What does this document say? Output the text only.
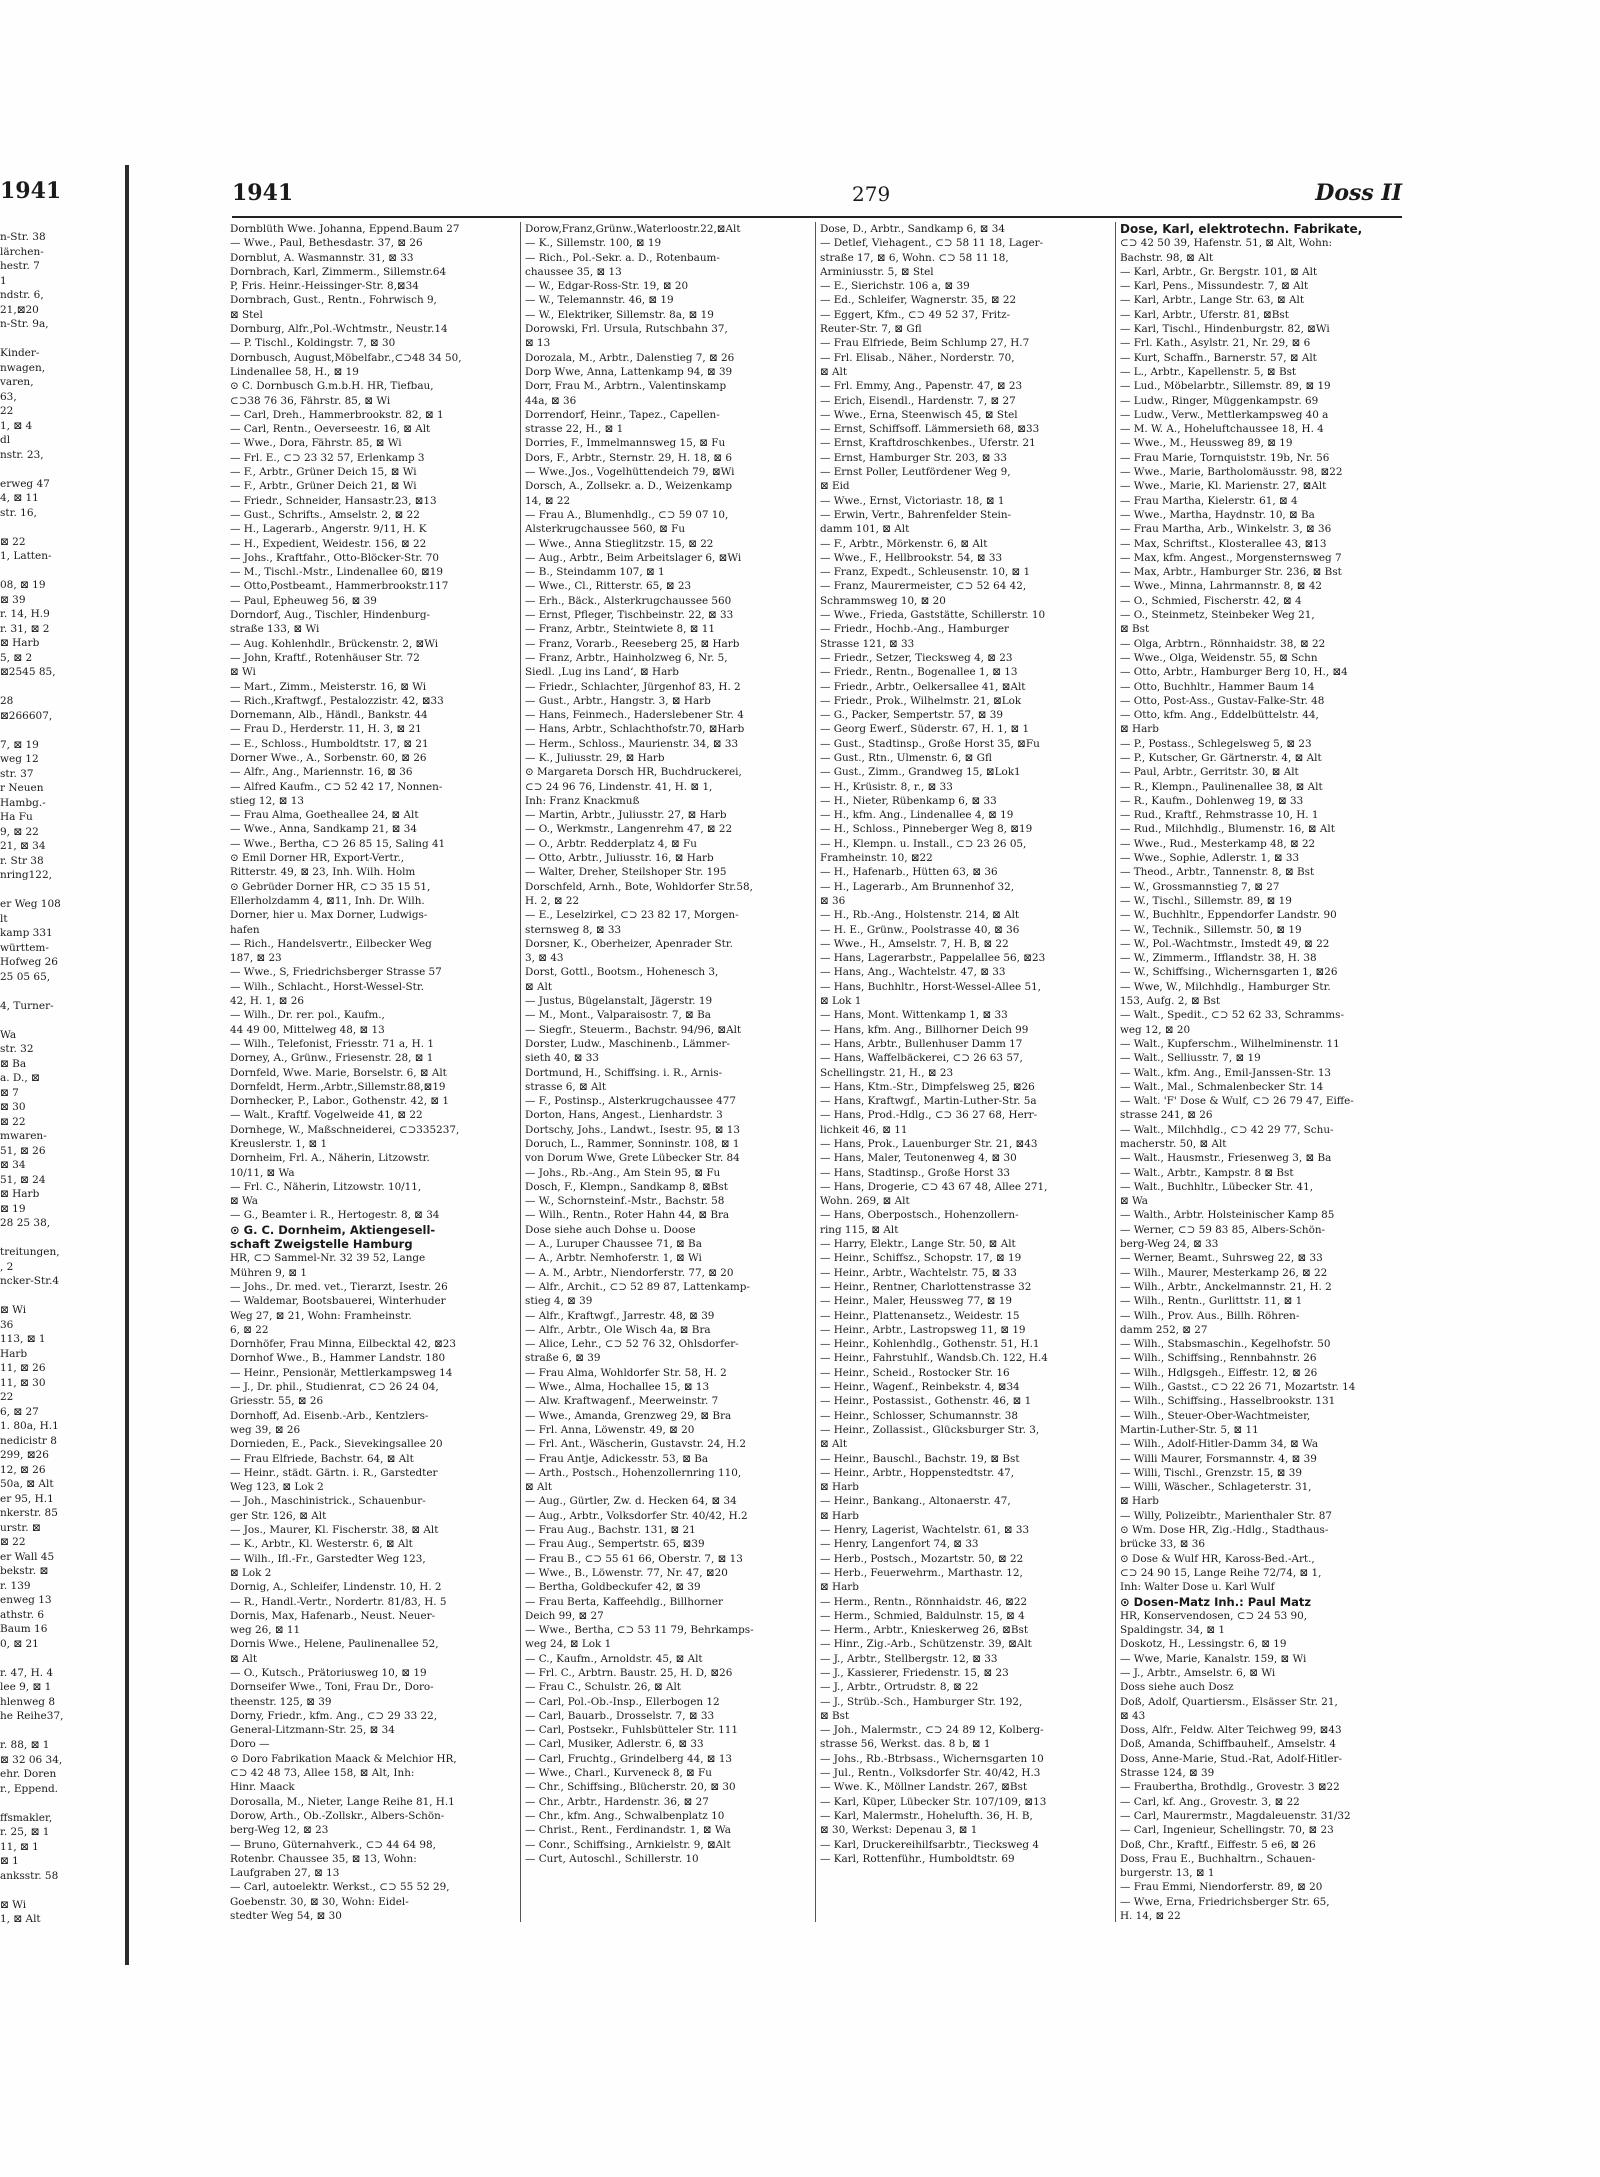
1941
n-Str. 38
lärchen-
hestr. 7
1
ndstr. 6,
21,⊠20
n-Str. 9a,

Kinder-
nwagen,
varen,
63,
22
1, ⊠ 4
dl
nstr. 23,

erweg 47
4, ⊠ 11
str. 16,

⊠ 22
1, Latten-

08, ⊠ 19
⊠ 39
r. 14, H.9
r. 31, ⊠ 2
⊠ Harb
5, ⊠ 2
⊠2545 85,

28
⊠266607,

7, ⊠ 19
weg 12
str. 37
r Neuen
Hambg.-
Ha Fu
9, ⊠ 22
21, ⊠ 34
r. Str 38
nring122,

er Weg 108
lt
kamp 331
württem-
Hofweg 26
25 05 65,

4, Turner-

Wa
str. 32
⊠ Ba
a. D., ⊠
⊠ 7
⊠ 30
⊠ 22
mwaren-
51, ⊠ 26
⊠ 34
51, ⊠ 24
⊠ Harb
⊠ 19
28 25 38,

treitungen,
, 2
ncker-Str.4

⊠ Wi
36
113, ⊠ 1
Harb
11, ⊠ 26
11, ⊠ 30
22
6, ⊠ 27
1. 80a, H.1
nedicistr 8
299, ⊠26
12, ⊠ 26
50a, ⊠ Alt
er 95, H.1
nkerstr. 85
urstr. ⊠
⊠ 22
er Wall 45
bekstr. ⊠
r. 139
enweg 13
athstr. 6
Baum 16
0, ⊠ 21

r. 47, H. 4
lee 9, ⊠ 1
hlenweg 8
he Reihe37,

r. 88, ⊠ 1
⊠ 32 06 34,
ehr. Doren
r., Eppend.

ffsmakler,
r. 25, ⊠ 1
11, ⊠ 1
⊠ 1
anksstr. 58

⊠ Wi
1, ⊠ Alt
1941	279	Doss II
Dornblüth Wwe. Johanna, Eppend.Baum 27
— Wwe., Paul, Bethesdastr. 37, ⊠ 26
Dornblut, A. Wasmannstr. 31, ⊠ 33
Dornbrach, Karl, Zimmerm., Sillemstr.64
P, Fris. Heinr.-Heissinger-Str. 8,⊠34
Dornbrach, Gust., Rentn., Fohrwisch 9,
⊠ Stel
Dornburg, Alfr.,Pol.-Wchtmstr., Neustr.14
— P. Tischl., Koldingstr. 7, ⊠ 30
Dornbusch, August,Möbelfabr.,⊂⊃48 34 50,
Lindenallee 58, H., ⊠ 19
⊙ C. Dornbusch G.m.b.H. HR, Tiefbau,
⊂⊃38 76 36, Fährstr. 85, ⊠ Wi
— Carl, Dreh., Hammerbrookstr. 82, ⊠ 1
— Carl, Rentn., Oeverseestr. 16, ⊠ Alt
— Wwe., Dora, Fährstr. 85, ⊠ Wi
— Frl. E., ⊂⊃ 23 32 57, Erlenkamp 3
— F., Arbtr., Grüner Deich 15, ⊠ Wi
— F., Arbtr., Grüner Deich 21, ⊠ Wi
— Friedr., Schneider, Hansastr.23, ⊠13
— Gust., Schrifts., Amselstr. 2, ⊠ 22
— H., Lagerarb., Angerstr. 9/11, H. K
— H., Expedient, Weidestr. 156, ⊠ 22
— Johs., Kraftfahr., Otto-Blöcker-Str. 70
— M., Tischl.-Mstr., Lindenallee 60, ⊠19
— Otto,Postbeamt., Hammerbrookstr.117
— Paul, Epheuweg 56, ⊠ 39
Dorndorf, Aug., Tischler, Hindenburg-
straße 133, ⊠ Wi
— Aug. Kohlenhdlr., Brückenstr. 2, ⊠Wi
— John, Kraftf., Rotenhäuser Str. 72
⊠ Wi
— Mart., Zimm., Meisterstr. 16, ⊠ Wi
— Rich.,Kraftwgf., Pestalozzistr. 42, ⊠33
Dornemann, Alb., Händl., Bankstr. 44
— Frau D., Herderstr. 11, H. 3, ⊠ 21
— E., Schloss., Humboldtstr. 17, ⊠ 21
Dorner Wwe., A., Sorbenstr. 60, ⊠ 26
— Alfr., Ang., Mariennstr. 16, ⊠ 36
— Alfred Kaufm., ⊂⊃ 52 42 17, Nonnen-
stieg 12, ⊠ 13
— Frau Alma, Goetheallee 24, ⊠ Alt
— Wwe., Anna, Sandkamp 21, ⊠ 34
— Wwe., Bertha, ⊂⊃ 26 85 15, Saling 41
⊙ Emil Dorner HR, Export-Vertr.,
Ritterstr. 49, ⊠ 23, Inh. Wilh. Holm
⊙ Gebrüder Dorner HR, ⊂⊃ 35 15 51,
Ellerholzdamm 4, ⊠11, Inh. Dr. Wilh.
Dorner, hier u. Max Dorner, Ludwigs-
hafen
— Rich., Handelsvertr., Eilbecker Weg
187, ⊠ 23
— Wwe., S, Friedrichsberger Strasse 57
— Wilh., Schlacht., Horst-Wessel-Str.
42, H. 1, ⊠ 26
— Wilh., Dr. rer. pol., Kaufm.,
44 49 00, Mittelweg 48, ⊠ 13
— Wilh., Telefonist, Friesstr. 71 a, H. 1
Dorney, A., Grünw., Friesenstr. 28, ⊠ 1
Dornfeld, Wwe. Marie, Borselstr. 6, ⊠ Alt
Dornfeldt, Herm.,Arbtr.,Sillemstr.88,⊠19
Dornhecker, P., Labor., Gothenstr. 42, ⊠ 1
— Walt., Kraftf. Vogelweide 41, ⊠ 22
Dornhege, W., Maßschneiderei, ⊂⊃335237,
Kreuslerstr. 1, ⊠ 1
Dornheim, Frl. A., Näherin, Litzowstr.
10/11, ⊠ Wa
— Frl. C., Näherin, Litzowstr. 10/11,
⊠ Wa
— G., Beamter i. R., Hertogestr. 8, ⊠ 34
⊙ G. C. Dornheim, Aktiengesell-
schaft Zweigstelle Hamburg
HR, ⊂⊃ Sammel-Nr. 32 39 52, Lange
Mühren 9, ⊠ 1
— Johs., Dr. med. vet., Tierarzt, Isestr. 26
— Waldemar, Bootsbauerei, Winterhuder
Weg 27, ⊠ 21, Wohn: Framheinstr.
6, ⊠ 22
Dornhöfer, Frau Minna, Eilbecktal 42, ⊠23
Dornhof Wwe., B., Hammer Landstr. 180
— Heinr., Pensionär, Mettlerkampsweg 14
— J., Dr. phil., Studienrat, ⊂⊃ 26 24 04,
Griesstr. 55, ⊠ 26
Dornhoff, Ad. Eisenb.-Arb., Kentzlers-
weg 39, ⊠ 26
Dornieden, E., Pack., Sievekingsallee 20
— Frau Elfriede, Bachstr. 64, ⊠ Alt
— Heinr., städt. Gärtn. i. R., Garstedter
Weg 123, ⊠ Lok 2
— Joh., Maschinistrick., Schauenbur-
ger Str. 126, ⊠ Alt
— Jos., Maurer, Kl. Fischerstr. 38, ⊠ Alt
— K., Arbtr., Kl. Westerstr. 6, ⊠ Alt
— Wilh., Ifl.-Fr., Garstedter Weg 123,
⊠ Lok 2
Dornig, A., Schleifer, Lindenstr. 10, H. 2
— R., Handl.-Vertr., Nordertr. 81/83, H. 5
Dornis, Max, Hafenarb., Neust. Neuer-
weg 26, ⊠ 11
Dornis Wwe., Helene, Paulinenallee 52,
⊠ Alt
— O., Kutsch., Prätoriusweg 10, ⊠ 19
Dornseifer Wwe., Toni, Frau Dr., Doro-
theenstr. 125, ⊠ 39
Dorny, Friedr., kfm. Ang., ⊂⊃ 29 33 22,
General-Litzmann-Str. 25, ⊠ 34
Doro —
⊙ Doro Fabrikation Maack & Melchior HR,
⊂⊃ 42 48 73, Allee 158, ⊠ Alt, Inh:
Hinr. Maack
Dorosalla, M., Nieter, Lange Reihe 81, H.1
Dorow, Arth., Ob.-Zollskr., Albers-Schön-
berg-Weg 12, ⊠ 23
— Bruno, Güternahverk., ⊂⊃ 44 64 98,
Rotenbr. Chaussee 35, ⊠ 13, Wohn:
Laufgraben 27, ⊠ 13
— Carl, autoelektr. Werkst., ⊂⊃ 55 52 29,
Goebenstr. 30, ⊠ 30, Wohn: Eidel-
stedter Weg 54, ⊠ 30
Dorow,Franz,Grünw.,Waterloostr.22,⊠Alt
— K., Sillemstr. 100, ⊠ 19
— Rich., Pol.-Sekr. a. D., Rotenbaum-
chaussee 35, ⊠ 13
— W., Edgar-Ross-Str. 19, ⊠ 20
— W., Telemannstr. 46, ⊠ 19
— W., Elektriker, Sillemstr. 8a, ⊠ 19
Dorowski, Frl. Ursula, Rutschbahn 37,
⊠ 13
Dorozala, M., Arbtr., Dalenstieg 7, ⊠ 26
Dorp Wwe, Anna, Lattenkamp 94, ⊠ 39
Dorr, Frau M., Arbtrn., Valentinskamp
44a, ⊠ 36
Dorrendorf, Heinr., Tapez., Capellen-
strasse 22, H., ⊠ 1
Dorries, F., Immelmannsweg 15, ⊠ Fu
Dors, F., Arbtr., Sternstr. 29, H. 18, ⊠ 6
— Wwe.,Jos., Vogelhüttendeich 79, ⊠Wi
Dorsch, A., Zollsekr. a. D., Weizenkamp
14, ⊠ 22
— Frau A., Blumenhdlg., ⊂⊃ 59 07 10,
Alsterkrugchaussee 560, ⊠ Fu
— Wwe., Anna Stieglitzstr. 15, ⊠ 22
— Aug., Arbtr., Beim Arbeitslager 6, ⊠Wi
— B., Steindamm 107, ⊠ 1
— Wwe., Cl., Ritterstr. 65, ⊠ 23
— Erh., Bäck., Alsterkrugchaussee 560
— Ernst, Pfleger, Tischbeinstr. 22, ⊠ 33
— Franz, Arbtr., Steintwiete 8, ⊠ 11
— Franz, Vorarb., Reeseberg 25, ⊠ Harb
— Franz, Arbtr., Hainholzweg 6, Nr. 5,
Siedl. ‚Lug ins Land‘, ⊠ Harb
— Friedr., Schlachter, Jürgenhof 83, H. 2
— Gust., Arbtr., Hangstr. 3, ⊠ Harb
— Hans, Feinmech., Haderslebener Str. 4
— Hans, Arbtr., Schlachthofstr.70, ⊠Harb
— Herm., Schloss., Maurienstr. 34, ⊠ 33
— K., Juliusstr. 29, ⊠ Harb
⊙ Margareta Dorsch HR, Buchdruckerei,
⊂⊃ 24 96 76, Lindenstr. 41, H. ⊠ 1,
Inh: Franz Knackmuß
— Martin, Arbtr., Juliusstr. 27, ⊠ Harb
— O., Werkmstr., Langenrehm 47, ⊠ 22
— O., Arbtr. Redderplatz 4, ⊠ Fu
— Otto, Arbtr., Juliusstr. 16, ⊠ Harb
— Walter, Dreher, Steilshoper Str. 195
Dorschfeld, Arnh., Bote, Wohldorfer Str.58,
H. 2, ⊠ 22
— E., Leselzirkel, ⊂⊃ 23 82 17, Morgen-
sternsweg 8, ⊠ 33
Dorsner, K., Oberheizer, Apenrader Str.
3, ⊠ 43
Dorst, Gottl., Bootsm., Hohenesch 3,
⊠ Alt
— Justus, Bügelanstalt, Jägerstr. 19
— M., Mont., Valparaisostr. 7, ⊠ Ba
— Siegfr., Steuerm., Bachstr. 94/96, ⊠Alt
Dorster, Ludw., Maschinenb., Lämmer-
sieth 40, ⊠ 33
Dortmund, H., Schiffsing. i. R., Arnis-
strasse 6, ⊠ Alt
— F., Postinsp., Alsterkrugchaussee 477
Dorton, Hans, Angest., Lienhardstr. 3
Dortschy, Johs., Landwt., Isestr. 95, ⊠ 13
Doruch, L., Rammer, Sonninstr. 108, ⊠ 1
von Dorum Wwe, Grete Lübecker Str. 84
— Johs., Rb.-Ang., Am Stein 95, ⊠ Fu
Dosch, F., Klempn., Sandkamp 8, ⊠Bst
— W., Schornsteinf.-Mstr., Bachstr. 58
— Wilh., Rentn., Roter Hahn 44, ⊠ Bra
Dose siehe auch Dohse u. Doose
— A., Luruper Chaussee 71, ⊠ Ba
— A., Arbtr. Nemhoferstr. 1, ⊠ Wi
— A. M., Arbtr., Niendorferstr. 77, ⊠ 20
— Alfr., Archit., ⊂⊃ 52 89 87, Lattenkamp-
stieg 4, ⊠ 39
— Alfr., Kraftwgf., Jarrestr. 48, ⊠ 39
— Alfr., Arbtr., Ole Wisch 4a, ⊠ Bra
— Alice, Lehr., ⊂⊃ 52 76 32, Ohlsdorfer-
straße 6, ⊠ 39
— Frau Alma, Wohldorfer Str. 58, H. 2
— Wwe., Alma, Hochallee 15, ⊠ 13
— Alw. Kraftwagenf., Meerweinstr. 7
— Wwe., Amanda, Grenzweg 29, ⊠ Bra
— Frl. Anna, Löwenstr. 49, ⊠ 20
— Frl. Ant., Wäscherin, Gustavstr. 24, H.2
— Frau Antje, Adickesstr. 53, ⊠ Ba
— Arth., Postsch., Hohenzollernring 110,
⊠ Alt
— Aug., Gürtler, Zw. d. Hecken 64, ⊠ 34
— Aug., Arbtr., Volksdorfer Str. 40/42, H.2
— Frau Aug., Bachstr. 131, ⊠ 21
— Frau Aug., Sempertstr. 65, ⊠39
— Frau B., ⊂⊃ 55 61 66, Oberstr. 7, ⊠ 13
— Wwe., B., Löwenstr. 77, Nr. 47, ⊠20
— Bertha, Goldbeckufer 42, ⊠ 39
— Frau Berta, Kaffeehdlg., Billhorner
Deich 99, ⊠ 27
— Wwe., Bertha, ⊂⊃ 53 11 79, Behrkamps-
weg 24, ⊠ Lok 1
— C., Kaufm., Arnoldstr. 45, ⊠ Alt
— Frl. C., Arbtrn. Baustr. 25, H. D, ⊠26
— Frau C., Schulstr. 26, ⊠ Alt
— Carl, Pol.-Ob.-Insp., Ellerbogen 12
— Carl, Bauarb., Drosselstr. 7, ⊠ 33
— Carl, Postsekr., Fuhlsbütteler Str. 111
— Carl, Musiker, Adlerstr. 6, ⊠ 33
— Carl, Fruchtg., Grindelberg 44, ⊠ 13
— Wwe., Charl., Kurveneck 8, ⊠ Fu
— Chr., Schiffsing., Blücherstr. 20, ⊠ 30
— Chr., Arbtr., Hardenstr. 36, ⊠ 27
— Chr., kfm. Ang., Schwalbenplatz 10
— Christ., Rent., Ferdinandstr. 1, ⊠ Wa
— Conr., Schiffsing., Arnkielstr. 9, ⊠Alt
— Curt, Autoschl., Schillerstr. 10
Dose, D., Arbtr., Sandkamp 6, ⊠ 34
— Detlef, Viehagent., ⊂⊃ 58 11 18, Lager-
straße 17, ⊠ 6, Wohn. ⊂⊃ 58 11 18,
Arminiusstr. 5, ⊠ Stel
— E., Sierichstr. 106 a, ⊠ 39
— Ed., Schleifer, Wagnerstr. 35, ⊠ 22
— Eggert, Kfm., ⊂⊃ 49 52 37, Fritz-
Reuter-Str. 7, ⊠ Gfl
— Frau Elfriede, Beim Schlump 27, H.7
— Frl. Elisab., Näher., Norderstr. 70,
⊠ Alt
— Frl. Emmy, Ang., Papenstr. 47, ⊠ 23
— Erich, Eisendl., Hardenstr. 7, ⊠ 27
— Wwe., Erna, Steenwisch 45, ⊠ Stel
— Ernst, Schiffsoff. Lämmersieth 68, ⊠33
— Ernst, Kraftdroschkenbes., Uferstr. 21
— Ernst, Hamburger Str. 203, ⊠ 33
— Ernst Poller, Leutfördener Weg 9,
⊠ Eid
— Wwe., Ernst, Victoriastr. 18, ⊠ 1
— Erwin, Vertr., Bahrenfelder Stein-
damm 101, ⊠ Alt
— F., Arbtr., Mörkenstr. 6, ⊠ Alt
— Wwe., F., Hellbrookstr. 54, ⊠ 33
— Franz, Expedt., Schleusenstr. 10, ⊠ 1
— Franz, Maurermeister, ⊂⊃ 52 64 42,
Schrammsweg 10, ⊠ 20
— Wwe., Frieda, Gaststätte, Schillerstr. 10
— Friedr., Hochb.-Ang., Hamburger
Strasse 121, ⊠ 33
— Friedr., Setzer, Tiecksweg 4, ⊠ 23
— Friedr., Rentn., Bogenallee 1, ⊠ 13
— Friedr., Arbtr., Oelkersallee 41, ⊠Alt
— Friedr., Prok., Wilhelmstr. 21, ⊠Lok
— G., Packer, Sempertstr. 57, ⊠ 39
— Georg Ewerf., Süderstr. 67, H. 1, ⊠ 1
— Gust., Stadtinsp., Große Horst 35, ⊠Fu
— Gust., Rtn., Ulmenstr. 6, ⊠ Gfl
— Gust., Zimm., Grandweg 15, ⊠Lok1
— H., Krüsistr. 8, r., ⊠ 33
— H., Nieter, Rübenkamp 6, ⊠ 33
— H., kfm. Ang., Lindenallee 4, ⊠ 19
— H., Schloss., Pinneberger Weg 8, ⊠19
— H., Klempn. u. Install., ⊂⊃ 23 26 05,
Framheinstr. 10, ⊠22
— H., Hafenarb., Hütten 63, ⊠ 36
— H., Lagerarb., Am Brunnenhof 32,
⊠ 36
— H., Rb.-Ang., Holstenstr. 214, ⊠ Alt
— H. E., Grünw., Poolstrasse 40, ⊠ 36
— Wwe., H., Amselstr. 7, H. B, ⊠ 22
— Hans, Lagerarbstr., Pappelallee 56, ⊠23
— Hans, Ang., Wachtelstr. 47, ⊠ 33
— Hans, Buchhltr., Horst-Wessel-Allee 51,
⊠ Lok 1
— Hans, Mont. Wittenkamp 1, ⊠ 33
— Hans, kfm. Ang., Billhorner Deich 99
— Hans, Arbtr., Bullenhuser Damm 17
— Hans, Waffelbäckerei, ⊂⊃ 26 63 57,
Schellingstr. 21, H., ⊠ 23
— Hans, Ktm.-Str., Dimpfelsweg 25, ⊠26
— Hans, Kraftwgf., Martin-Luther-Str. 5a
— Hans, Prod.-Hdlg., ⊂⊃ 36 27 68, Herr-
lichkeit 46, ⊠ 11
— Hans, Prok., Lauenburger Str. 21, ⊠43
— Hans, Maler, Teutonenweg 4, ⊠ 30
— Hans, Stadtinsp., Große Horst 33
— Hans, Drogerie, ⊂⊃ 43 67 48, Allee 271,
Wohn. 269, ⊠ Alt
— Hans, Oberpostsch., Hohenzollern-
ring 115, ⊠ Alt
— Harry, Elektr., Lange Str. 50, ⊠ Alt
— Heinr., Schiffsz., Schopstr. 17, ⊠ 19
— Heinr., Arbtr., Wachtelstr. 75, ⊠ 33
— Heinr., Rentner, Charlottenstrasse 32
— Heinr., Maler, Heussweg 77, ⊠ 19
— Heinr., Plattenansetz., Weidestr. 15
— Heinr., Arbtr., Lastropsweg 11, ⊠ 19
— Heinr., Kohlenhdlg., Gothenstr. 51, H.1
— Heinr., Fahrstuhlf., Wandsb.Ch. 122, H.4
— Heinr., Scheid., Rostocker Str. 16
— Heinr., Wagenf., Reinbekstr. 4, ⊠34
— Heinr., Postassist., Gothenstr. 46, ⊠ 1
— Heinr., Schlosser, Schumannstr. 38
— Heinr., Zollassist., Glücksburger Str. 3,
⊠ Alt
— Heinr., Bauschl., Bachstr. 19, ⊠ Bst
— Heinr., Arbtr., Hoppenstedtstr. 47,
⊠ Harb
— Heinr., Bankang., Altonaerstr. 47,
⊠ Harb
— Henry, Lagerist, Wachtelstr. 61, ⊠ 33
— Henry, Langenfort 74, ⊠ 33
— Herb., Postsch., Mozartstr. 50, ⊠ 22
— Herb., Feuerwehrm., Marthastr. 12,
⊠ Harb
— Herm., Rentn., Rönnhaidstr. 46, ⊠22
— Herm., Schmied, Baldulnstr. 15, ⊠ 4
— Herm., Arbtr., Knieskerweg 26, ⊠Bst
— Hinr., Zig.-Arb., Schützenstr. 39, ⊠Alt
— J., Arbtr., Stellbergstr. 12, ⊠ 33
— J., Kassierer, Friedenstr. 15, ⊠ 23
— J., Arbtr., Ortrudstr. 8, ⊠ 22
— J., Strüb.-Sch., Hamburger Str. 192,
⊠ Bst
— Joh., Malermstr., ⊂⊃ 24 89 12, Kolberg-
strasse 56, Werkst. das. 8 b, ⊠ 1
— Johs., Rb.-Btrbsass., Wichernsgarten 10
— Jul., Rentn., Volksdorfer Str. 40/42, H.3
— Wwe. K., Möllner Landstr. 267, ⊠Bst
— Karl, Küper, Lübecker Str. 107/109, ⊠13
— Karl, Malermstr., Hohelufth. 36, H. B,
⊠ 30, Werkst: Depenau 3, ⊠ 1
— Karl, Druckereihilfsarbtr., Tiecksweg 4
— Karl, Rottenführ., Humboldtstr. 69
Dose, Karl, elektrotechn. Fabrikate,
⊂⊃ 42 50 39, Hafenstr. 51, ⊠ Alt, Wohn:
Bachstr. 98, ⊠ Alt
— Karl, Arbtr., Gr. Bergstr. 101, ⊠ Alt
— Karl, Pens., Missundestr. 7, ⊠ Alt
— Karl, Arbtr., Lange Str. 63, ⊠ Alt
— Karl, Arbtr., Uferstr. 81, ⊠Bst
— Karl, Tischl., Hindenburgstr. 82, ⊠Wi
— Frl. Kath., Asylstr. 21, Nr. 29, ⊠ 6
— Kurt, Schaffn., Barnerstr. 57, ⊠ Alt
— L., Arbtr., Kapellenstr. 5, ⊠ Bst
— Lud., Möbelarbtr., Sillemstr. 89, ⊠ 19
— Ludw., Ringer, Müggenkampstr. 69
— Ludw., Verw., Mettlerkampsweg 40 a
— M. W. A., Hoheluftchaussee 18, H. 4
— Wwe., M., Heussweg 89, ⊠ 19
— Frau Marie, Tornquiststr. 19b, Nr. 56
— Wwe., Marie, Bartholomäusstr. 98, ⊠22
— Wwe., Marie, Kl. Marienstr. 27, ⊠Alt
— Frau Martha, Kielerstr. 61, ⊠ 4
— Wwe., Martha, Haydnstr. 10, ⊠ Ba
— Frau Martha, Arb., Winkelstr. 3, ⊠ 36
— Max, Schriftst., Klosterallee 43, ⊠13
— Max, kfm. Angest., Morgensternsweg 7
— Max, Arbtr., Hamburger Str. 236, ⊠ Bst
— Wwe., Minna, Lahrmannstr. 8, ⊠ 42
— O., Schmied, Fischerstr. 42, ⊠ 4
— O., Steinmetz, Steinbeker Weg 21,
⊠ Bst
— Olga, Arbtrn., Rönnhaidstr. 38, ⊠ 22
— Wwe., Olga, Weidenstr. 55, ⊠ Schn
— Otto, Arbtr., Hamburger Berg 10, H., ⊠4
— Otto, Buchhltr., Hammer Baum 14
— Otto, Post-Ass., Gustav-Falke-Str. 48
— Otto, kfm. Ang., Eddelbüttelstr. 44,
⊠ Harb
— P., Postass., Schlegelsweg 5, ⊠ 23
— P., Kutscher, Gr. Gärtnerstr. 4, ⊠ Alt
— Paul, Arbtr., Gerritstr. 30, ⊠ Alt
— R., Klempn., Paulinenallee 38, ⊠ Alt
— R., Kaufm., Dohlenweg 19, ⊠ 33
— Rud., Kraftf., Rehmstrasse 10, H. 1
— Rud., Milchhdlg., Blumenstr. 16, ⊠ Alt
— Wwe., Rud., Mesterkamp 48, ⊠ 22
— Wwe., Sophie, Adlerstr. 1, ⊠ 33
— Theod., Arbtr., Tannenstr. 8, ⊠ Bst
— W., Grossmannstieg 7, ⊠ 27
— W., Tischl., Sillemstr. 89, ⊠ 19
— W., Buchhltr., Eppendorfer Landstr. 90
— W., Technik., Sillemstr. 50, ⊠ 19
— W., Pol.-Wachtmstr., Imstedt 49, ⊠ 22
— W., Zimmerm., Ifflandstr. 38, H. 38
— W., Schiffsing., Wichernsgarten 1, ⊠26
— Wwe, W., Milchhdlg., Hamburger Str.
153, Aufg. 2, ⊠ Bst
— Walt., Spedit., ⊂⊃ 52 62 33, Schramms-
weg 12, ⊠ 20
— Walt., Kupferschm., Wilhelminenstr. 11
— Walt., Selliusstr. 7, ⊠ 19
— Walt., kfm. Ang., Emil-Janssen-Str. 13
— Walt., Mal., Schmalenbecker Str. 14
— Walt. 'F' Dose & Wulf, ⊂⊃ 26 79 47, Eiffe-
strasse 241, ⊠ 26
— Walt., Milchhdlg., ⊂⊃ 42 29 77, Schu-
macherstr. 50, ⊠ Alt
— Walt., Hausmstr., Friesenweg 3, ⊠ Ba
— Walt., Arbtr., Kampstr. 8 ⊠ Bst
— Walt., Buchhltr., Lübecker Str. 41,
⊠ Wa
— Walth., Arbtr. Holsteinischer Kamp 85
— Werner, ⊂⊃ 59 83 85, Albers-Schön-
berg-Weg 24, ⊠ 33
— Werner, Beamt., Suhrsweg 22, ⊠ 33
— Wilh., Maurer, Mesterkamp 26, ⊠ 22
— Wilh., Arbtr., Anckelmannstr. 21, H. 2
— Wilh., Rentn., Gurlittstr. 11, ⊠ 1
— Wilh., Prov. Aus., Billh. Röhren-
damm 252, ⊠ 27
— Wilh., Stabsmaschin., Kegelhofstr. 50
— Wilh., Schiffsing., Rennbahnstr. 26
— Wilh., Hdlgsgeh., Eiffestr. 12, ⊠ 26
— Wilh., Gastst., ⊂⊃ 22 26 71, Mozartstr. 14
— Wilh., Schiffsing., Hasselbrookstr. 131
— Wilh., Steuer-Ober-Wachtmeister,
Martin-Luther-Str. 5, ⊠ 11
— Wilh., Adolf-Hitler-Damm 34, ⊠ Wa
— Willi Maurer, Forsmannstr. 4, ⊠ 39
— Willi, Tischl., Grenzstr. 15, ⊠ 39
— Willi, Wäscher., Schlageterstr. 31,
⊠ Harb
— Willy, Polizeibtr., Marienthaler Str. 87
⊙ Wm. Dose HR, Zig.-Hdlg., Stadthaus-
brücke 33, ⊠ 36
⊙ Dose & Wulf HR, Kaross-Bed.-Art.,
⊂⊃ 24 90 15, Lange Reihe 72/74, ⊠ 1,
Inh: Walter Dose u. Karl Wulf
⊙ Dosen-Matz Inh.: Paul Matz
HR, Konservendosen, ⊂⊃ 24 53 90,
Spaldingstr. 34, ⊠ 1
Doskotz, H., Lessingstr. 6, ⊠ 19
— Wwe, Marie, Kanalstr. 159, ⊠ Wi
— J., Arbtr., Amselstr. 6, ⊠ Wi
Doss siehe auch Dosz
Doß, Adolf, Quartiersm., Elsässer Str. 21,
⊠ 43
Doss, Alfr., Feldw. Alter Teichweg 99, ⊠43
Doß, Amanda, Schiffbauhelf., Amselstr. 4
Doss, Anne-Marie, Stud.-Rat, Adolf-Hitler-
Strasse 124, ⊠ 39
— Fraubertha, Brothdlg., Grovestr. 3 ⊠22
— Carl, kf. Ang., Grovestr. 3, ⊠ 22
— Carl, Maurermstr., Magdaleuenstr. 31/32
— Carl, Ingenieur, Schellingstr. 70, ⊠ 23
Doß, Chr., Kraftf., Eiffestr. 5 e6, ⊠ 26
Doss, Frau E., Buchhaltrn., Schauen-
burgerstr. 13, ⊠ 1
— Frau Emmi, Niendorferstr. 89, ⊠ 20
— Wwe, Erna, Friedrichsberger Str. 65,
H. 14, ⊠ 22
